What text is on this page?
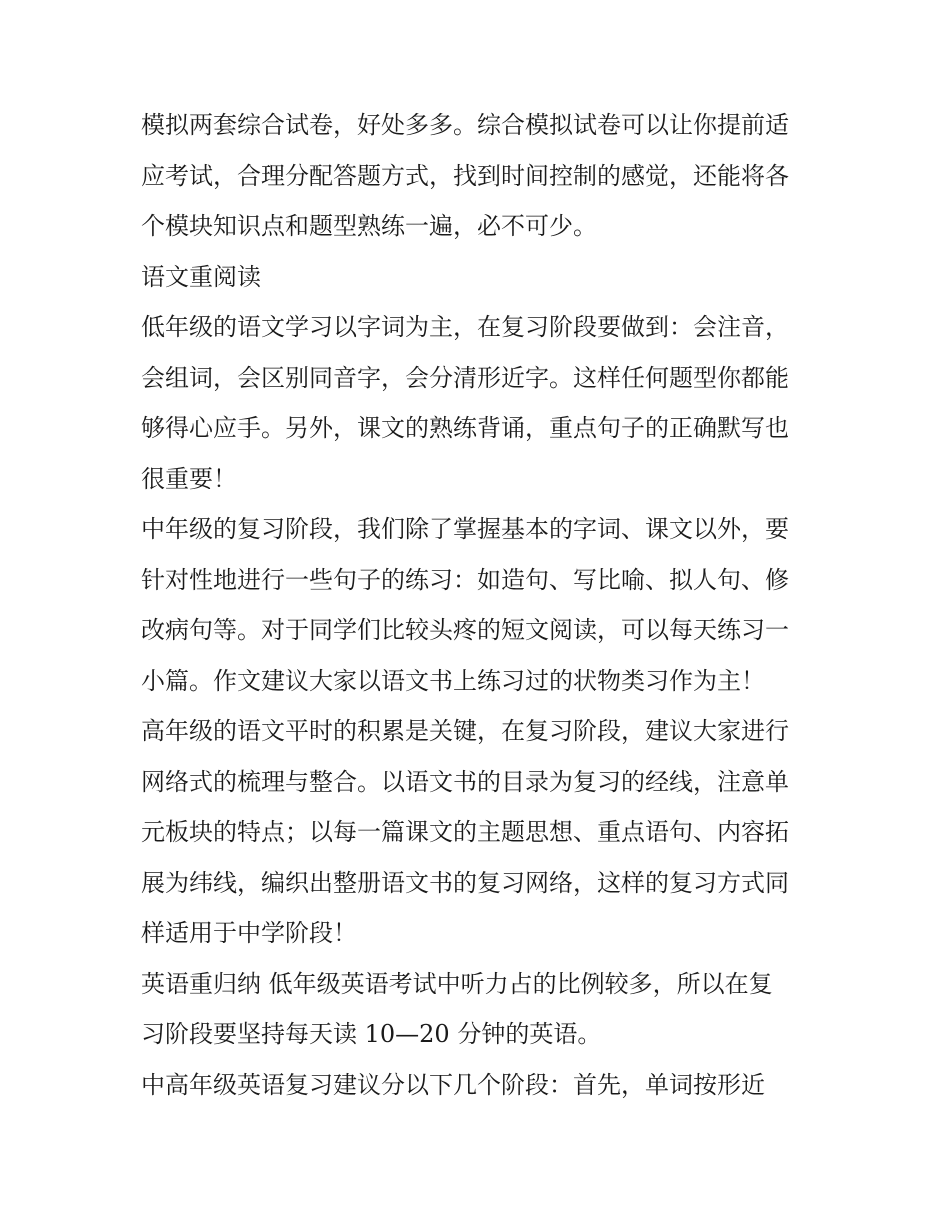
模拟两套综合试卷，好处多多。综合模拟试卷可以让你提前适
应考试，合理分配答题方式，找到时间控制的感觉，还能将各
个模块知识点和题型熟练一遍，必不可少。

语文重阅读

低年级的语文学习以字词为主，在复习阶段要做到：会注音，
会组词，会区别同音字，会分清形近字。这样任何题型你都能
够得心应手。另外，课文的熟练背诵，重点句子的正确默写也
很重要！

中年级的复习阶段，我们除了掌握基本的字词、课文以外，要
针对性地进行一些句子的练习：如造句、写比喻、拟人句、修
改病句等。对于同学们比较头疼的短文阅读，可以每天练习一
小篇。作文建议大家以语文书上练习过的状物类习作为主！

高年级的语文平时的积累是关键，在复习阶段，建议大家进行
网络式的梳理与整合。以语文书的目录为复习的经线，注意单
元板块的特点；以每一篇课文的主题思想、重点语句、内容拓
展为纬线，编织出整册语文书的复习网络，这样的复习方式同
样适用于中学阶段！

英语重归纳 低年级英语考试中听力占的比例较多，所以在复
习阶段要坚持每天读 10—20 分钟的英语。

中高年级英语复习建议分以下几个阶段：首先，单词按形近
